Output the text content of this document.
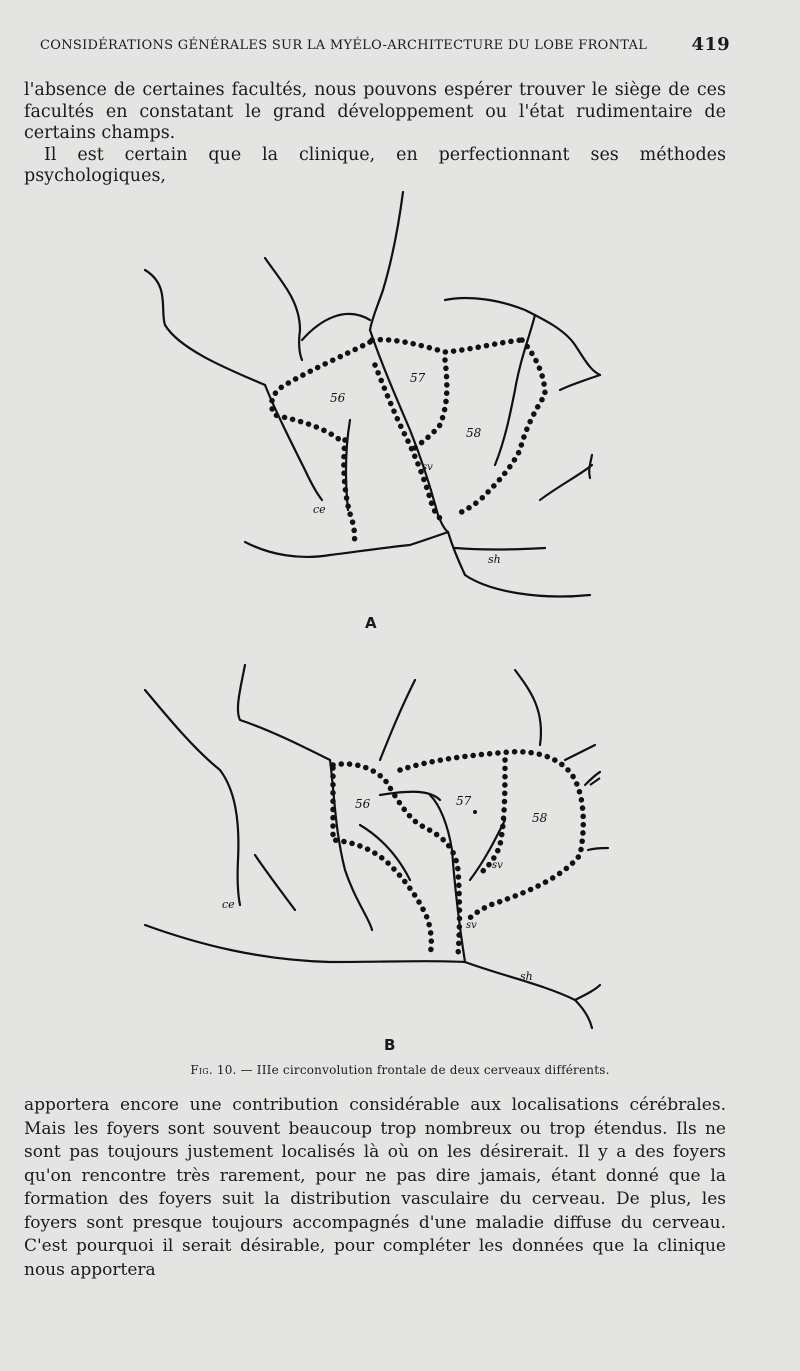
CONSIDÉRATIONS GÉNÉRALES SUR LA MYÉLO-ARCHITECTURE DU LOBE FRONTAL 419

l'absence de certaines facultés, nous pouvons espérer trouver le siège de ces facultés en constatant le grand développement ou l'état rudimentaire de certains champs.

Il est certain que la clinique, en perfectionnant ses méthodes psychologiques,

56
57
58
sv
ce
sh
56	57
58
sv
sv
ce
sh
A
B
Fig. 10. — IIIe circonvolution frontale de deux cerveaux différents.

apportera encore une contribution considérable aux localisations cérébrales. Mais les foyers sont souvent beaucoup trop nombreux ou trop étendus. Ils ne sont pas toujours justement localisés là où on les désirerait. Il y a des foyers qu'on rencontre très rarement, pour ne pas dire jamais, étant donné que la formation des foyers suit la distribution vasculaire du cerveau. De plus, les foyers sont presque toujours accompagnés d'une maladie diffuse du cerveau. C'est pourquoi il serait désirable, pour compléter les données que la clinique nous apportera
